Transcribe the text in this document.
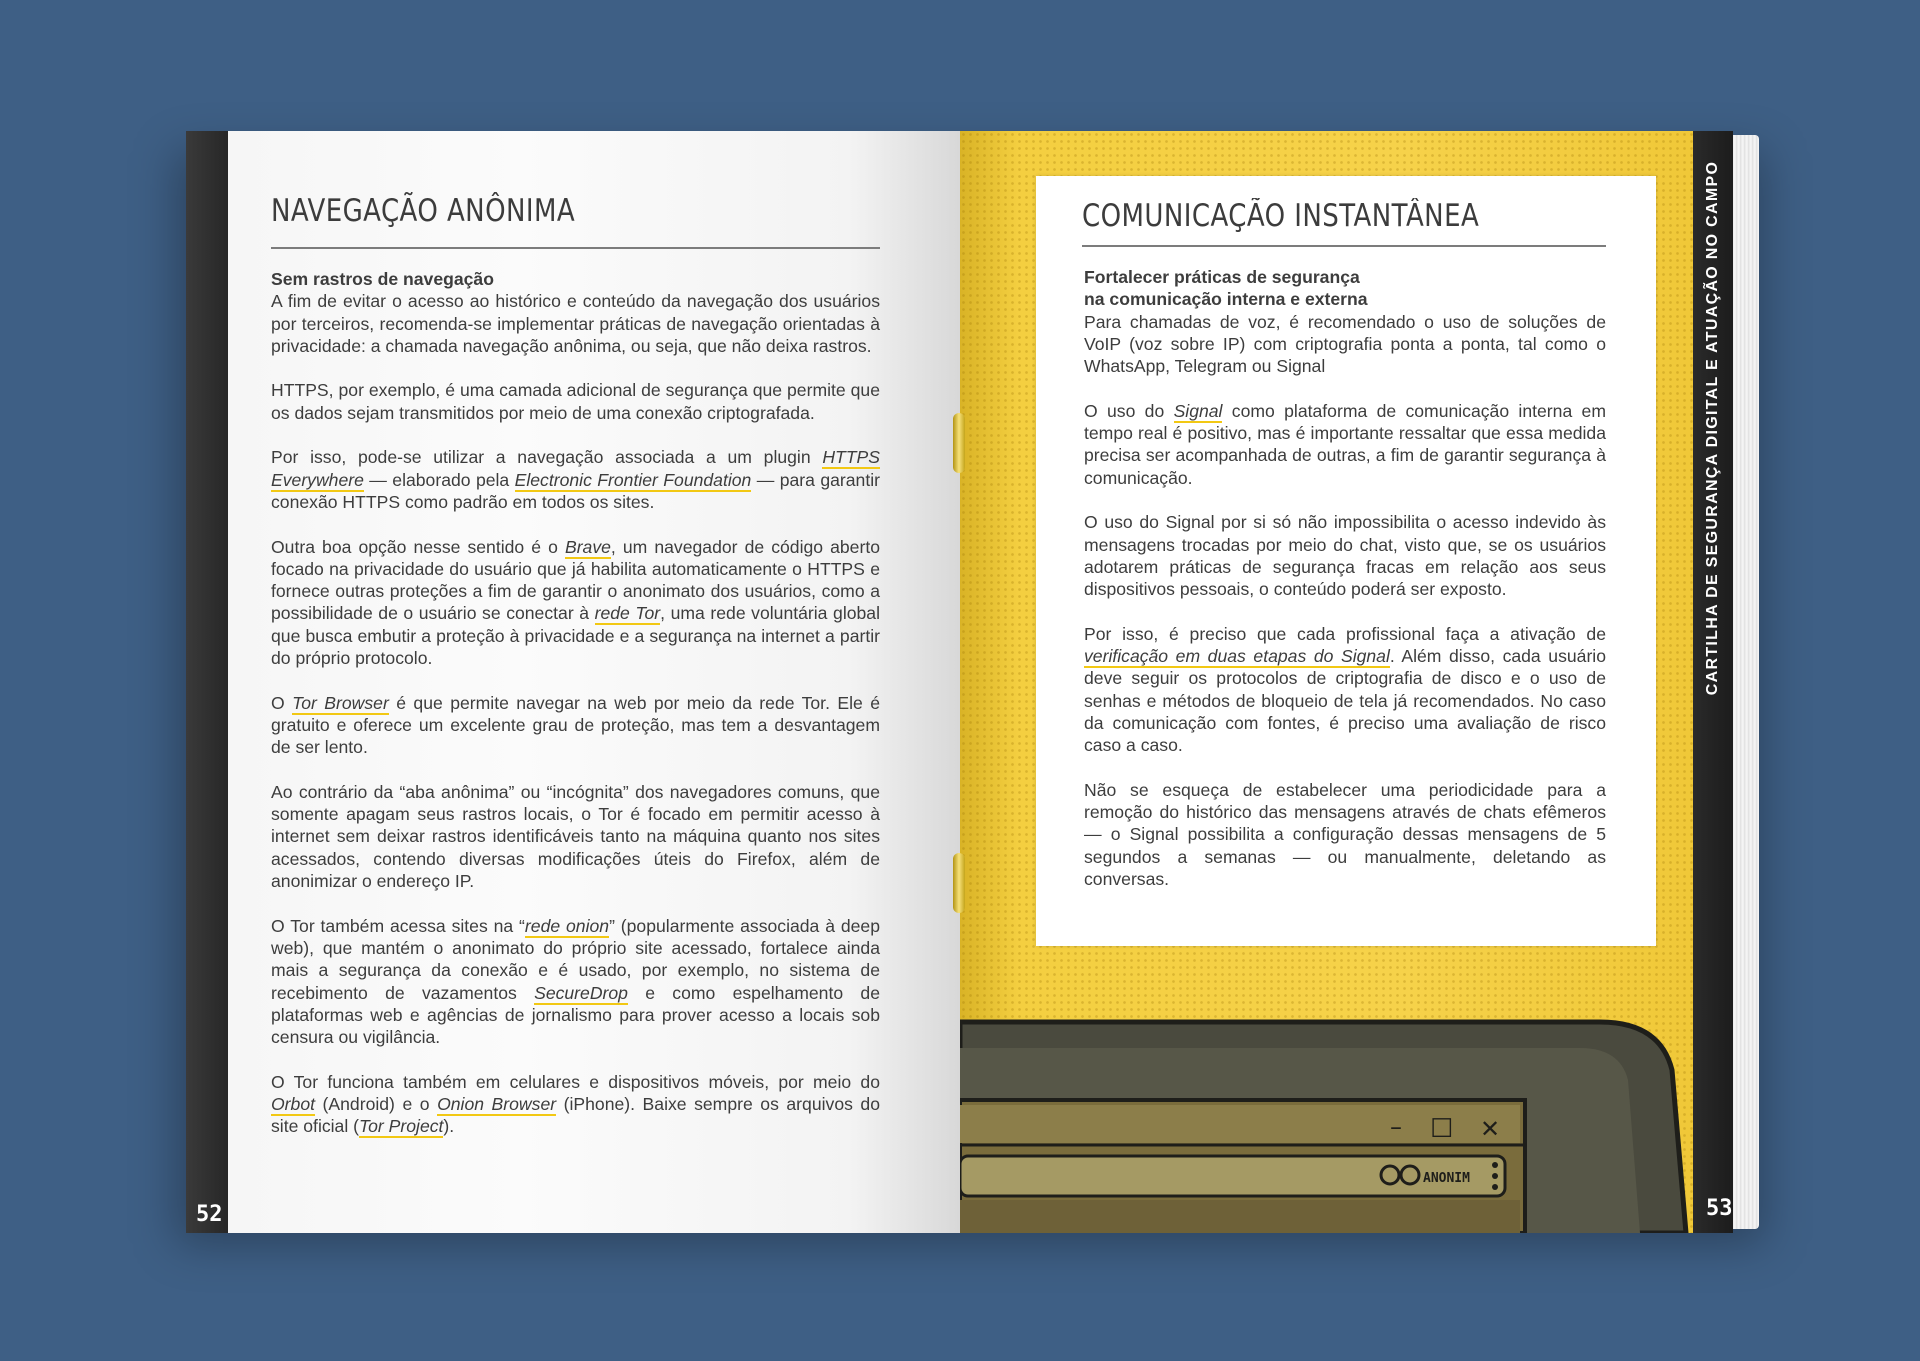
52
NAVEGAÇÃO ANÔNIMA

Sem rastros de navegação
A fim de evitar o acesso ao histórico e conteúdo da navegação dos usuários por terceiros, recomenda-se implementar práticas de navegação orientadas à privacidade: a chamada navegação anônima, ou seja, que não deixa rastros.

HTTPS, por exemplo, é uma camada adicional de segurança que permite que os dados sejam transmitidos por meio de uma conexão criptografada.

Por isso, pode-se utilizar a navegação associada a um plugin HTTPS Everywhere — elaborado pela Electronic Frontier Foundation — para garantir conexão HTTPS como padrão em todos os sites.

Outra boa opção nesse sentido é o Brave, um navegador de código aberto focado na privacidade do usuário que já habilita automaticamente o HTTPS e fornece outras proteções a fim de garantir o anonimato dos usuários, como a possibilidade de o usuário se conectar à rede Tor, uma rede voluntária global que busca embutir a proteção à privacidade e a segurança na internet a partir do próprio protocolo.

O Tor Browser é que permite navegar na web por meio da rede Tor. Ele é gratuito e oferece um excelente grau de proteção, mas tem a desvantagem de ser lento.

Ao contrário da “aba anônima” ou “incógnita” dos navegadores comuns, que somente apagam seus rastros locais, o Tor é focado em permitir acesso à internet sem deixar rastros identificáveis tanto na máquina quanto nos sites acessados, contendo diversas modificações úteis do Firefox, além de anonimizar o endereço IP.

O Tor também acessa sites na “rede onion” (popularmente associada à deep web), que mantém o anonimato do próprio site acessado, fortalece ainda mais a segurança da conexão e é usado, por exemplo, no sistema de recebimento de vazamentos SecureDrop e como espelhamento de plataformas web e agências de jornalismo para prover acesso a locais sob censura ou vigilância.

O Tor funciona também em celulares e dispositivos móveis, por meio do Orbot (Android) e o Onion Browser (iPhone). Baixe sempre os arquivos do site oficial (Tor Project).

CARTILHA DE SEGURANÇA DIGITAL E ATUAÇÃO NO CAMPO
53
– ☐ ✕
ANONIM
COMUNICAÇÃO INSTANTÂNEA

Fortalecer práticas de segurança
na comunicação interna e externa
Para chamadas de voz, é recomendado o uso de soluções de VoIP (voz sobre IP) com criptografia ponta a ponta, tal como o WhatsApp, Telegram ou Signal

O uso do Signal como plataforma de comunicação interna em tempo real é positivo, mas é importante ressaltar que essa medida precisa ser acompanhada de outras, a fim de garantir segurança à comunicação.

O uso do Signal por si só não impossibilita o acesso indevido às mensagens trocadas por meio do chat, visto que, se os usuários adotarem práticas de segurança fracas em relação aos seus dispositivos pessoais, o conteúdo poderá ser exposto.

Por isso, é preciso que cada profissional faça a ativação de verificação em duas etapas do Signal. Além disso, cada usuário deve seguir os protocolos de criptografia de disco e o uso de senhas e métodos de bloqueio de tela já recomendados. No caso da comunicação com fontes, é preciso uma avaliação de risco caso a caso.

Não se esqueça de estabelecer uma periodicidade para a remoção do histórico das mensagens através de chats efêmeros — o Signal possibilita a configuração dessas mensagens de 5 segundos a semanas — ou manualmente, deletando as conversas.
